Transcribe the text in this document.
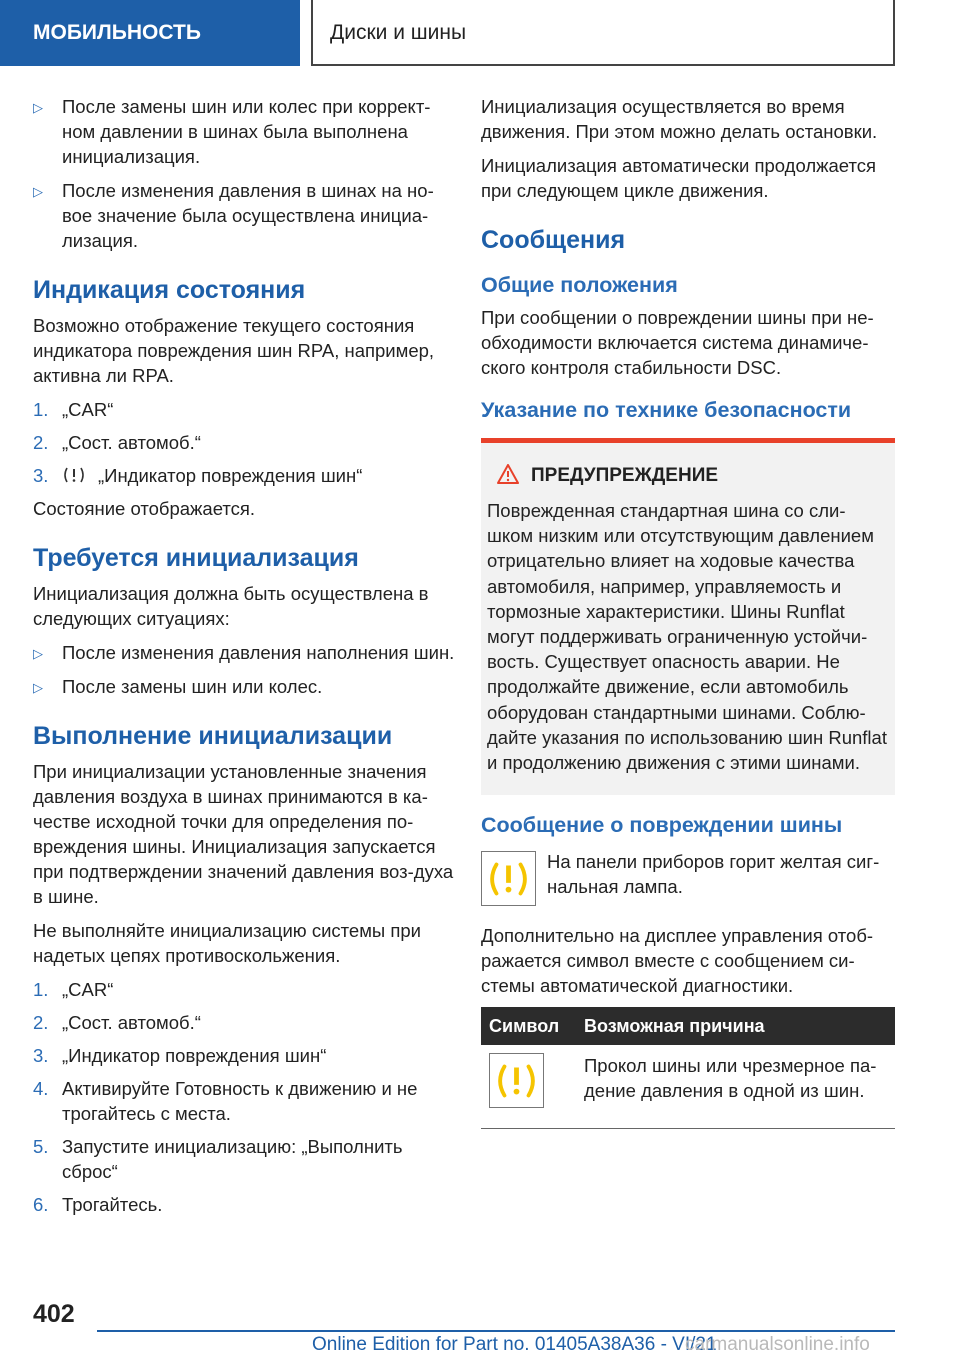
МОБИЛЬНОСТЬ	Диски и шины
▷ После замены шин или колес при коррект-ном давлении в шинах была выполнена инициализация.
▷ После изменения давления в шинах на но-вое значение была осуществлена инициа-лизация.
Индикация состояния

Возможно отображение текущего состояния индикатора повреждения шин RPA, например, активна ли RPA.

1. „CAR“
2. „Сост. автомоб.“
3.	„Индикатор повреждения шин“

Состояние отображается.

Требуется инициализация

Инициализация должна быть осуществлена в следующих ситуациях:

▷ После изменения давления наполнения шин.
▷ После замены шин или колес.
Выполнение инициализации

При инициализации установленные значения давления воздуха в шинах принимаются в ка-честве исходной точки для определения по-вреждения шины. Инициализация запускается при подтверждении значений давления воз-духа в шине.

Не выполняйте инициализацию системы при надетых цепях противоскольжения.

1. „CAR“
2. „Сост. автомоб.“
3. „Индикатор повреждения шин“
4. Активируйте Готовность к движению и не трогайтесь с места.
5. Запустите инициализацию: „Выполнить сброс“
6. Трогайтесь.

Инициализация осуществляется во время движения. При этом можно делать остановки.

Инициализация автоматически продолжается при следующем цикле движения.

Сообщения
Общие положения

При сообщении о повреждении шины при не-обходимости включается система динамиче-ского контроля стабильности DSC.

Указание по технике безопасности
ПРЕДУПРЕЖДЕНИЕ

Поврежденная стандартная шина со сли-шком низким или отсутствующим давлением отрицательно влияет на ходовые качества автомобиля, например, управляемость и тормозные характеристики. Шины Runflat могут поддерживать ограниченную устойчи-вость. Существует опасность аварии. Не продолжайте движение, если автомобиль оборудован стандартными шинами. Соблю-дайте указания по использованию шин Runflat и продолжению движения с этими шинами.

Сообщение о повреждении шины

На панели приборов горит желтая сиг-нальная лампа.

Дополнительно на дисплее управления отоб-ражается символ вместе с сообщением си-стемы автоматической диагностики.

Символ	Возможная причина
	Прокол шины или чрезмерное па-дение давления в одной из шин.
402
Online Edition for Part no. 01405A38A36 - VI/21
carmanualsonline.info
